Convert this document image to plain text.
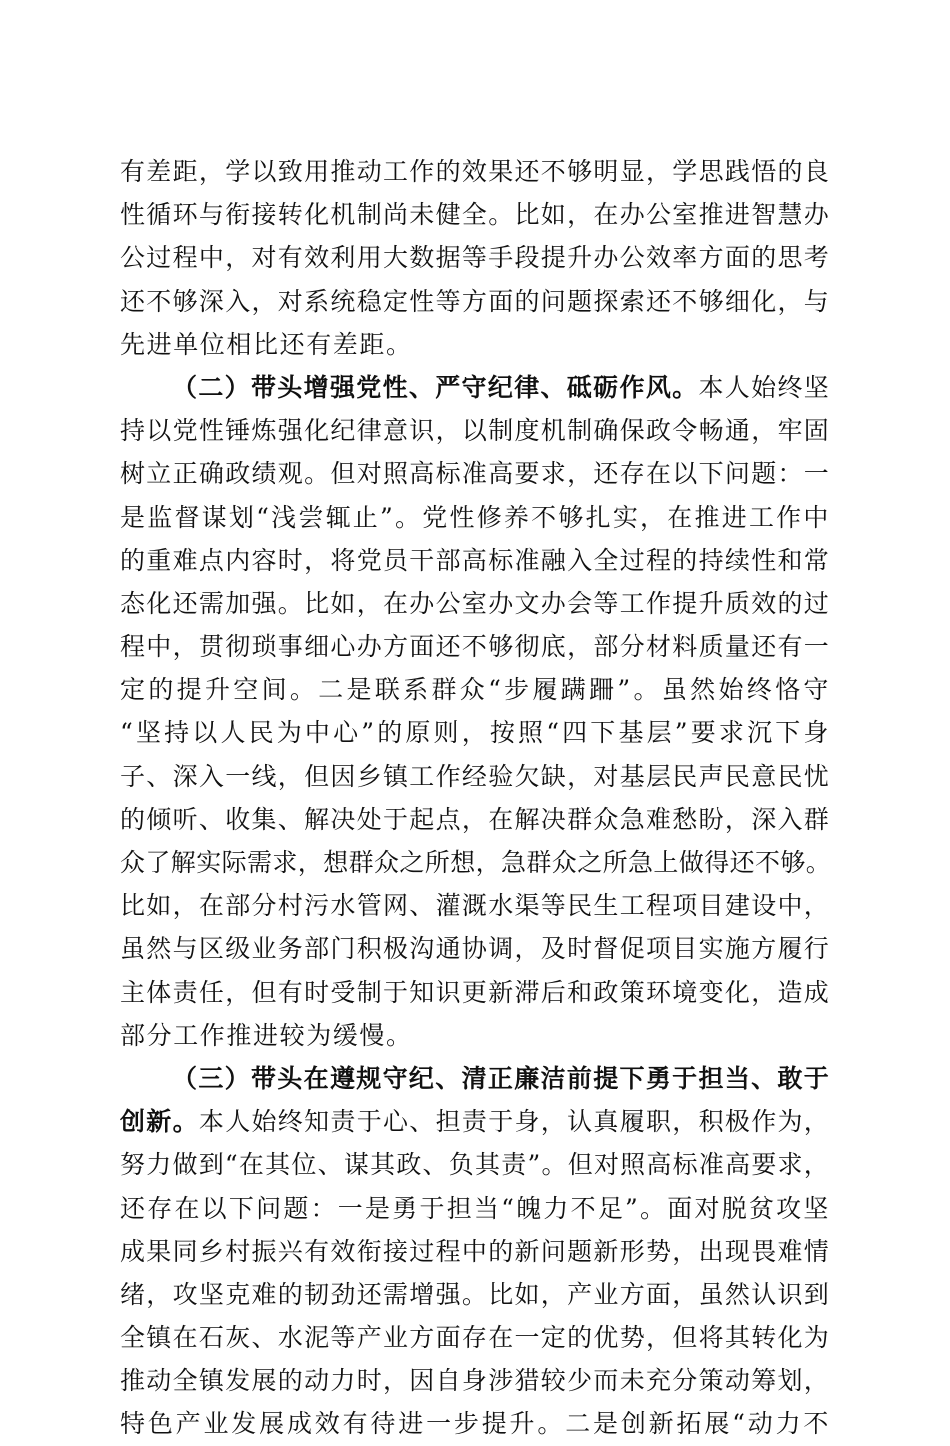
有差距，学以致用推动工作的效果还不够明显，学思践悟的良
性循环与衔接转化机制尚未健全。比如，在办公室推进智慧办
公过程中，对有效利用大数据等手段提升办公效率方面的思考
还不够深入，对系统稳定性等方面的问题探索还不够细化，与
先进单位相比还有差距。
（二）带头增强党性、严守纪律、砥砺作风。本人始终坚
持以党性锤炼强化纪律意识，以制度机制确保政令畅通，牢固
树立正确政绩观。但对照高标准高要求，还存在以下问题：一
是监督谋划“浅尝辄止”。党性修养不够扎实，在推进工作中
的重难点内容时，将党员干部高标准融入全过程的持续性和常
态化还需加强。比如，在办公室办文办会等工作提升质效的过
程中，贯彻琐事细心办方面还不够彻底，部分材料质量还有一
定的提升空间。二是联系群众“步履蹒跚”。虽然始终恪守
“坚持以人民为中心”的原则，按照“四下基层”要求沉下身
子、深入一线，但因乡镇工作经验欠缺，对基层民声民意民忧
的倾听、收集、解决处于起点，在解决群众急难愁盼，深入群
众了解实际需求，想群众之所想，急群众之所急上做得还不够。
比如，在部分村污水管网、灌溉水渠等民生工程项目建设中，
虽然与区级业务部门积极沟通协调，及时督促项目实施方履行
主体责任，但有时受制于知识更新滞后和政策环境变化，造成
部分工作推进较为缓慢。
（三）带头在遵规守纪、清正廉洁前提下勇于担当、敢于
创新。本人始终知责于心、担责于身，认真履职，积极作为，
努力做到“在其位、谋其政、负其责”。但对照高标准高要求，
还存在以下问题：一是勇于担当“魄力不足”。面对脱贫攻坚
成果同乡村振兴有效衔接过程中的新问题新形势，出现畏难情
绪，攻坚克难的韧劲还需增强。比如，产业方面，虽然认识到
全镇在石灰、水泥等产业方面存在一定的优势，但将其转化为
推动全镇发展的动力时，因自身涉猎较少而未充分策动筹划，
特色产业发展成效有待进一步提升。二是创新拓展“动力不
